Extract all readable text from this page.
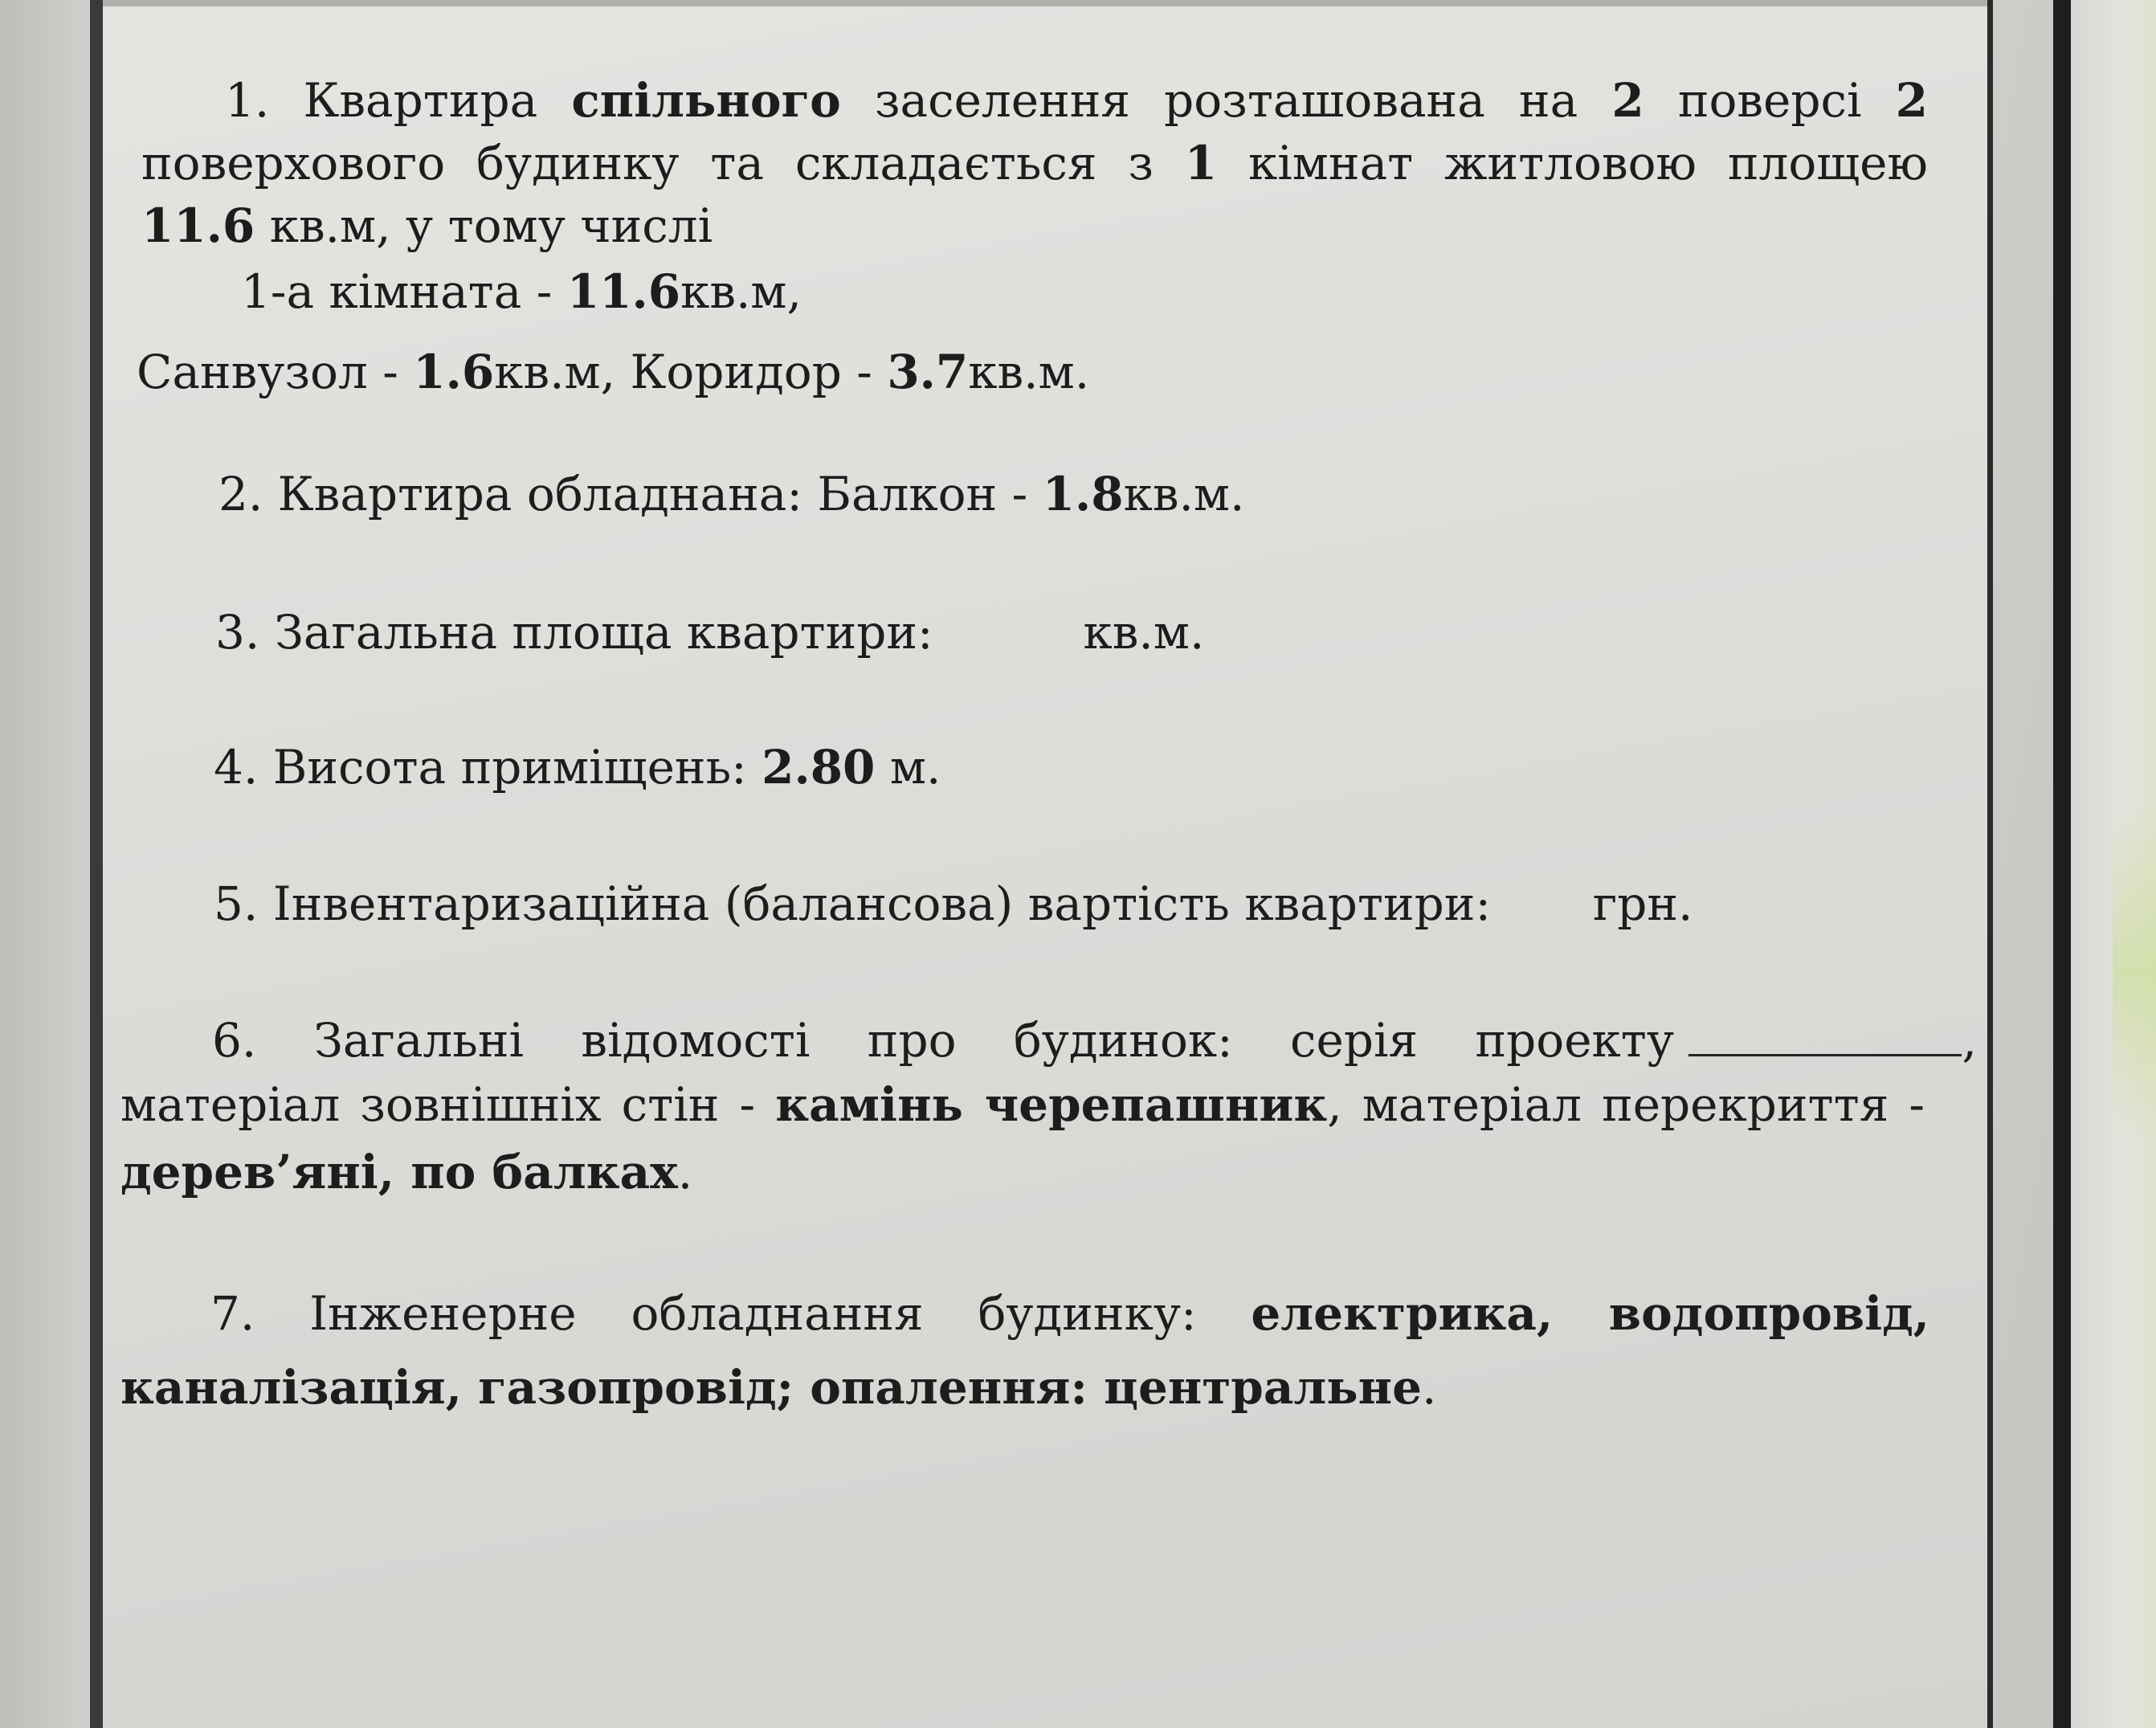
1. Квартира спільного заселення розташована на 2 поверсі 2
поверхового будинку та складається з 1 кімнат житловою площею
11.6 кв.м, у тому числі
1-а кімната - 11.6кв.м,
Санвузол - 1.6кв.м, Коридор - 3.7кв.м.
2. Квартира обладнана: Балкон - 1.8кв.м.
3. Загальна площа квартири:	кв.м.
4. Висота приміщень: 2.80 м.
5. Інвентаризаційна (балансова) вартість квартири: грн.
6. Загальні відомості про будинок: серія проекту	,
матеріал зовнішніх стін - камінь черепашник, матеріал перекриття -
дерев’яні, по балках.
7. Інженерне обладнання будинку: електрика, водопровід,
каналізація, газопровід; опалення: центральне.
